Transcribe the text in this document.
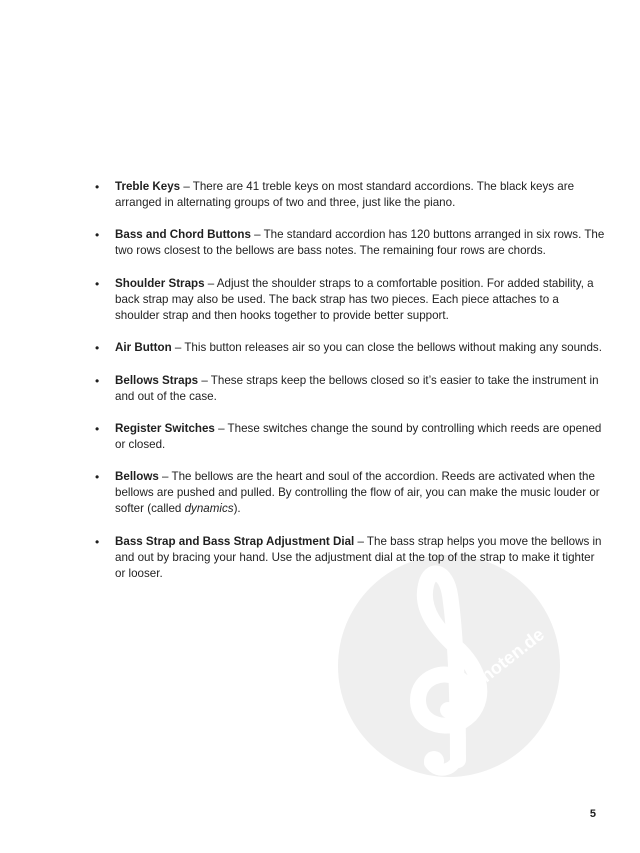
alle-noten.de
• Treble Keys – There are 41 treble keys on most standard accordions. The black keys are arranged in alternating groups of two and three, just like the piano.
• Bass and Chord Buttons – The standard accordion has 120 buttons arranged in six rows. The two rows closest to the bellows are bass notes. The remaining four rows are chords.
• Shoulder Straps – Adjust the shoulder straps to a comfortable position. For added stability, a back strap may also be used. The back strap has two pieces. Each piece attaches to a shoulder strap and then hooks together to provide better support.
• Air Button – This button releases air so you can close the bellows without making any sounds.
• Bellows Straps – These straps keep the bellows closed so it’s easier to take the instrument in and out of the case.
• Register Switches – These switches change the sound by controlling which reeds are opened or closed.
• Bellows – The bellows are the heart and soul of the accordion. Reeds are activated when the bellows are pushed and pulled. By controlling the flow of air, you can make the music louder or softer (called dynamics).
• Bass Strap and Bass Strap Adjustment Dial – The bass strap helps you move the bellows in and out by bracing your hand. Use the adjustment dial at the top of the strap to make it tighter or looser.
5
